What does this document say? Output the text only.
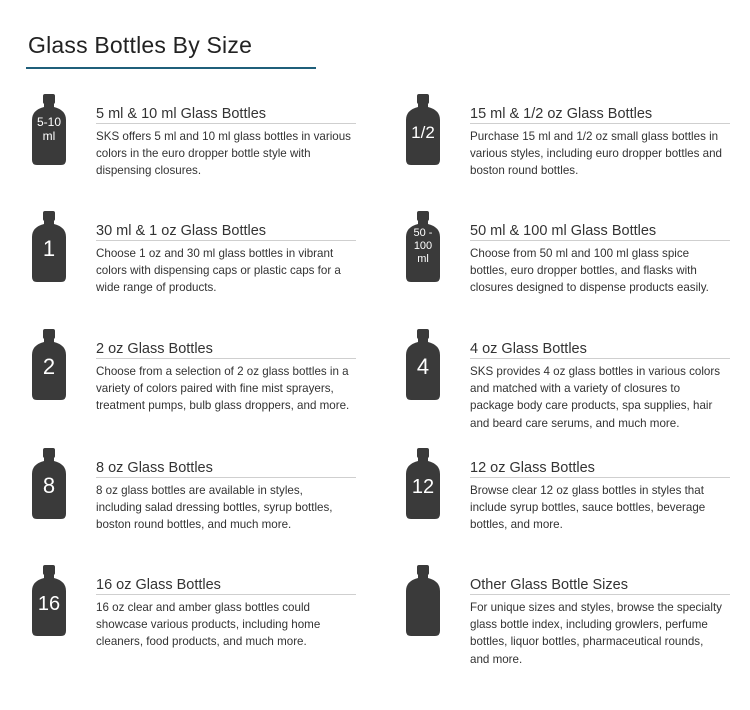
Glass Bottles By Size
5-10
ml
5 ml & 10 ml Glass Bottles

SKS offers 5 ml and 10 ml glass bottles in various colors in the euro dropper bottle style with dispensing closures.

1/2
15 ml & 1/2 oz Glass Bottles

Purchase 15 ml and 1/2 oz small glass bottles in various styles, including euro dropper bottles and boston round bottles.

1
30 ml & 1 oz Glass Bottles

Choose 1 oz and 30 ml glass bottles in vibrant colors with dispensing caps or plastic caps for a wide range of products.

50 -
100
ml
50 ml & 100 ml Glass Bottles

Choose from 50 ml and 100 ml glass spice bottles, euro dropper bottles, and flasks with closures designed to dispense products easily.

2
2 oz Glass Bottles

Choose from a selection of 2 oz glass bottles in a variety of colors paired with fine mist sprayers, treatment pumps, bulb glass droppers, and more.

4
4 oz Glass Bottles

SKS provides 4 oz glass bottles in various colors and matched with a variety of closures to package body care products, spa supplies, hair and beard care serums, and much more.

8
8 oz Glass Bottles

8 oz glass bottles are available in styles, including salad dressing bottles, syrup bottles, boston round bottles, and much more.

12
12 oz Glass Bottles

Browse clear 12 oz glass bottles in styles that include syrup bottles, sauce bottles, beverage bottles, and more.

16
16 oz Glass Bottles

16 oz clear and amber glass bottles could showcase various products, including home cleaners, food products, and much more.

Other Glass Bottle Sizes

For unique sizes and styles, browse the specialty glass bottle index, including growlers, perfume bottles, liquor bottles, pharmaceutical rounds, and more.
